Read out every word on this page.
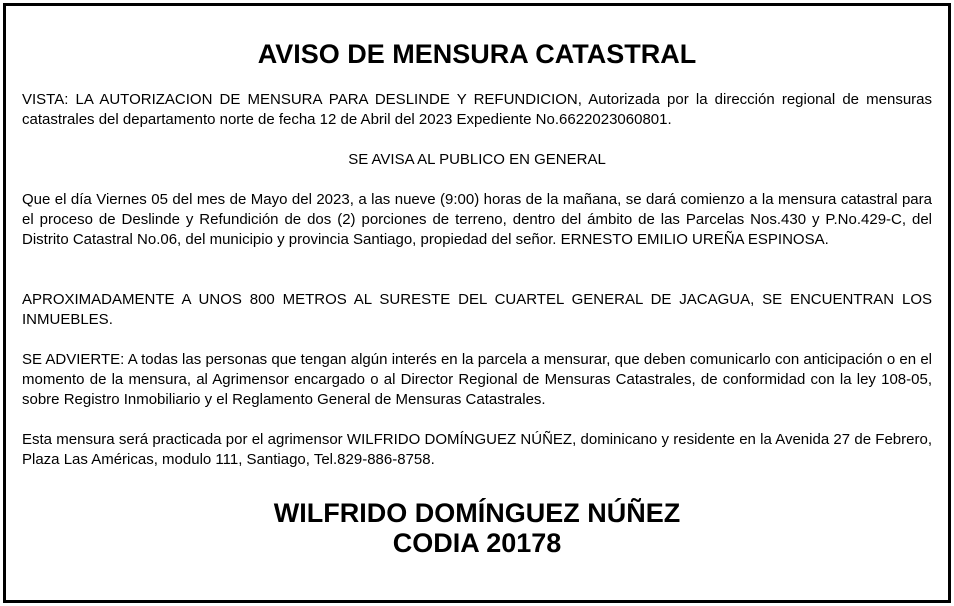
AVISO DE MENSURA CATASTRAL

VISTA: LA AUTORIZACION DE MENSURA PARA DESLINDE Y REFUNDICION, Autorizada por la dirección regional de mensuras catastrales del departamento norte de fecha 12 de Abril del 2023 Expediente No.6622023060801.

SE AVISA AL PUBLICO EN GENERAL

Que el día Viernes 05 del mes de Mayo del 2023, a las nueve (9:00) horas de la mañana, se dará comienzo a la mensura catastral para el proceso de Deslinde y Refundición de dos (2) porciones de terreno, dentro del ámbito de las Parcelas Nos.430 y P.No.429-C, del Distrito Catastral No.06, del municipio y provincia Santiago, propiedad del señor. ERNESTO EMILIO UREÑA ESPINOSA.

APROXIMADAMENTE A UNOS 800 METROS AL SURESTE DEL CUARTEL GENERAL DE JACAGUA, SE ENCUENTRAN LOS INMUEBLES.

SE ADVIERTE: A todas las personas que tengan algún interés en la parcela a mensurar, que deben comunicarlo con anticipación o en el momento de la mensura, al Agrimensor encargado o al Director Regional de Mensuras Catastrales, de conformidad con la ley 108-05, sobre Registro Inmobiliario y el Reglamento General de Mensuras Catastrales.

Esta mensura será practicada por el agrimensor WILFRIDO DOMÍNGUEZ NÚÑEZ, dominicano y residente en la Avenida 27 de Febrero, Plaza Las Américas, modulo 111, Santiago, Tel.829-886-8758.

WILFRIDO DOMÍNGUEZ NÚÑEZ
CODIA 20178
